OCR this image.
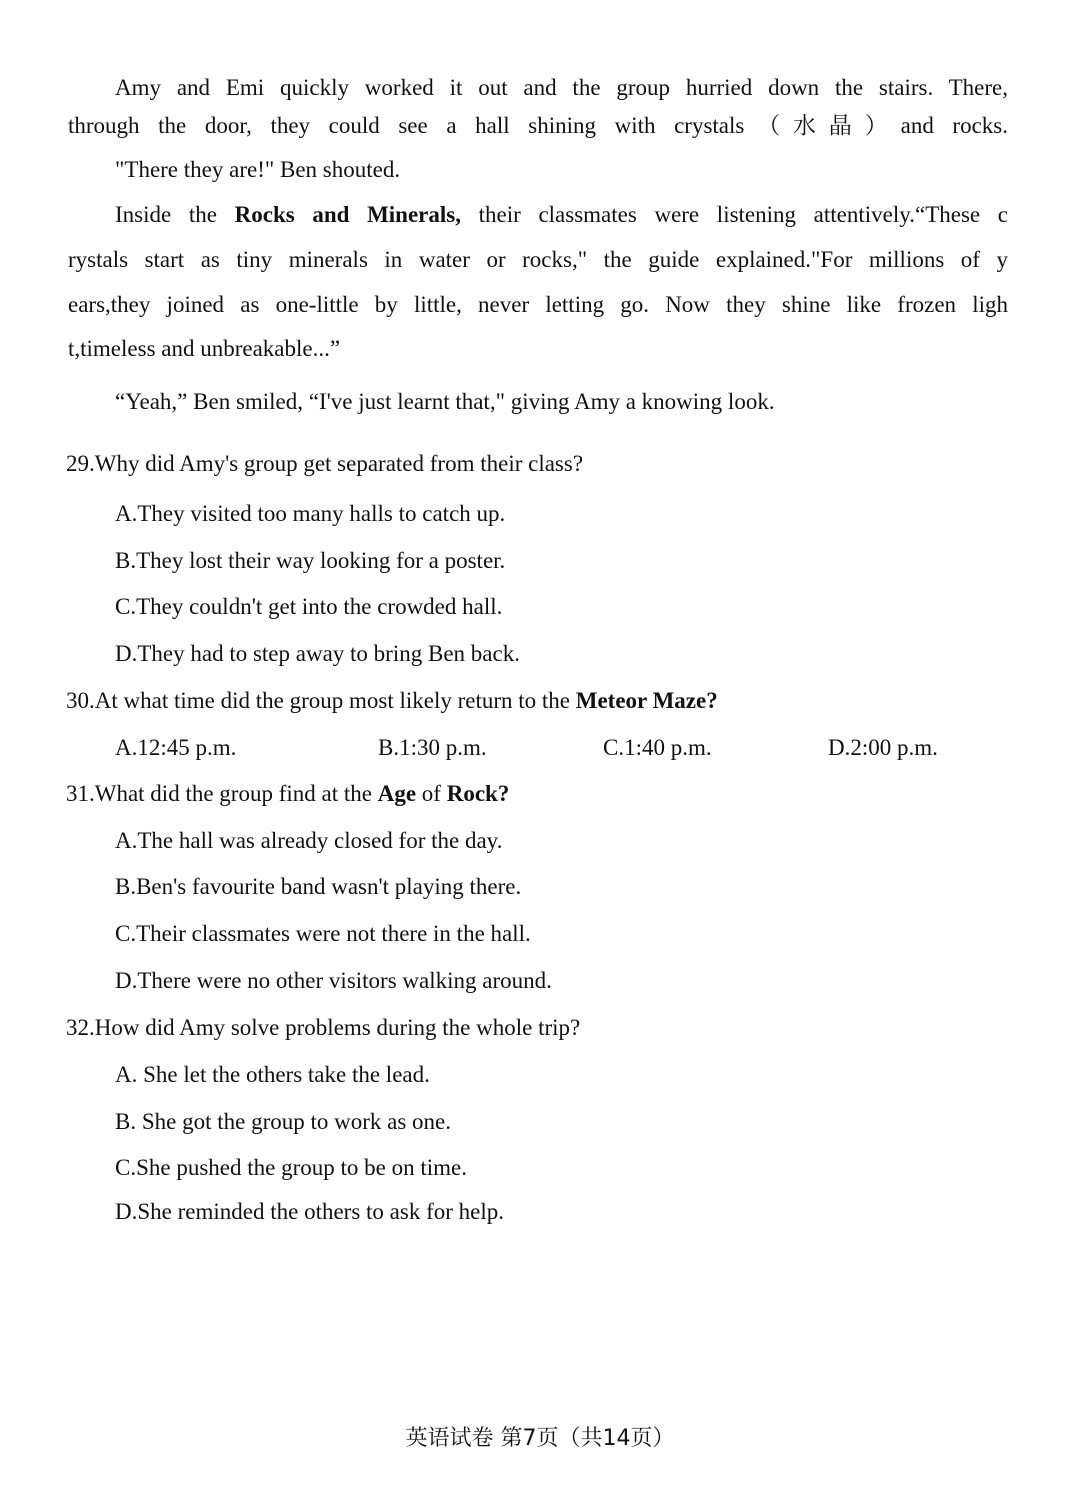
Amy and Emi quickly worked it out and the group hurried down the stairs. There,
through the door, they could see a hall shining with crystals（水晶）and rocks.
"There they are!" Ben shouted.
Inside the Rocks and Minerals, their classmates were listening attentively.“These c
rystals start as tiny minerals in water or rocks," the guide explained."For millions of y
ears,they joined as one-little by little, never letting go. Now they shine like frozen ligh
t,timeless and unbreakable...”
“Yeah,” Ben smiled, “I've just learnt that," giving Amy a knowing look.
29.Why did Amy's group get separated from their class?
A.They visited too many halls to catch up.
B.They lost their way looking for a poster.
C.They couldn't get into the crowded hall.
D.They had to step away to bring Ben back.
30.At what time did the group most likely return to the Meteor Maze?
A.12:45 p.m.	B.1:30 p.m.	C.1:40 p.m.	D.2:00 p.m.
31.What did the group find at the Age of Rock?
A.The hall was already closed for the day.
B.Ben's favourite band wasn't playing there.
C.Their classmates were not there in the hall.
D.There were no other visitors walking around.
32.How did Amy solve problems during the whole trip?
A. She let the others take the lead.
B. She got the group to work as one.
C.She pushed the group to be on time.
D.She reminded the others to ask for help.
英语试卷 第7页（共14页）
